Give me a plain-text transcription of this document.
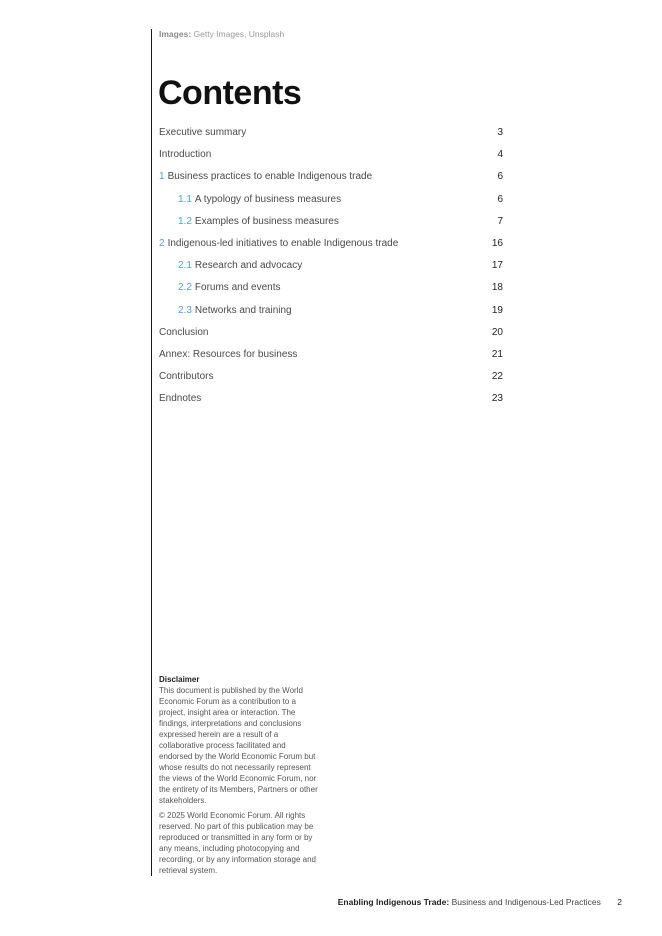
Images: Getty Images, Unsplash
Contents
Executive summary	3
Introduction	4
1 Business practices to enable Indigenous trade	6
1.1 A typology of business measures	6
1.2 Examples of business measures	7
2 Indigenous-led initiatives to enable Indigenous trade	16
2.1 Research and advocacy	17
2.2 Forums and events	18
2.3 Networks and training	19
Conclusion	20
Annex: Resources for business	21
Contributors	22
Endnotes	23
Disclaimer

This document is published by the World Economic Forum as a contribution to a project, insight area or interaction. The findings, interpretations and conclusions expressed herein are a result of a collaborative process facilitated and endorsed by the World Economic Forum but whose results do not necessarily represent the views of the World Economic Forum, nor the entirety of its Members, Partners or other stakeholders.

© 2025 World Economic Forum. All rights reserved. No part of this publication may be reproduced or transmitted in any form or by any means, including photocopying and recording, or by any information storage and retrieval system.

Enabling Indigenous Trade: Business and Indigenous-Led Practices 2
